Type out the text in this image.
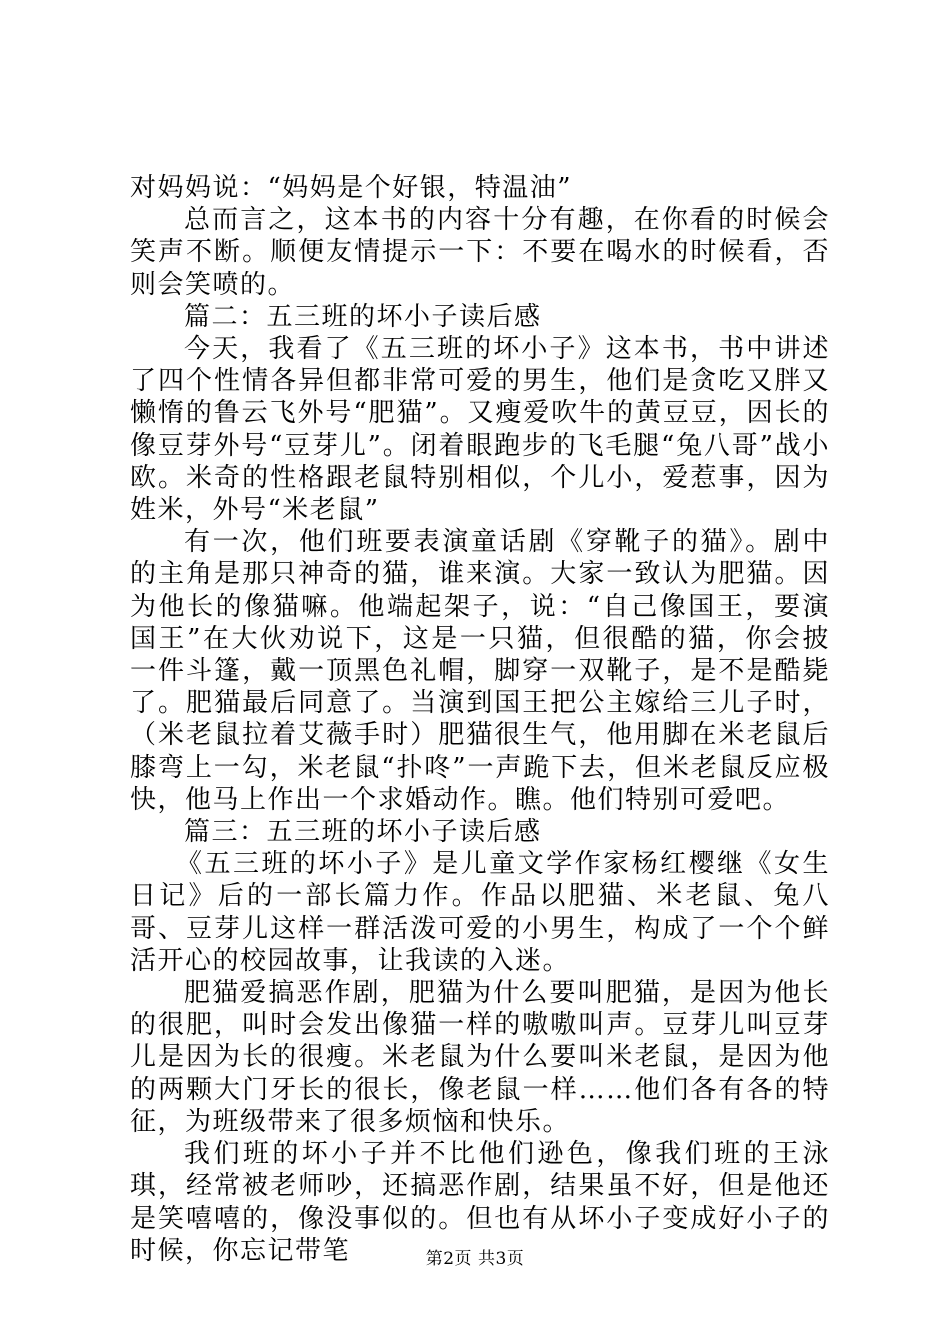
对妈妈说：“妈妈是个好银，特温油”

总而言之，这本书的内容十分有趣，在你看的时候会笑声不断。顺便友情提示一下：不要在喝水的时候看，否则会笑喷的。

篇二：五三班的坏小子读后感

今天，我看了《五三班的坏小子》这本书，书中讲述了四个性情各异但都非常可爱的男生，他们是贪吃又胖又懒惰的鲁云飞外号“肥猫”。又瘦爱吹牛的黄豆豆，因长的像豆芽外号“豆芽儿”。闭着眼跑步的飞毛腿“兔八哥”战小欧。米奇的性格跟老鼠特别相似，个儿小，爱惹事，因为姓米，外号“米老鼠”

有一次，他们班要表演童话剧《穿靴子的猫》。剧中的主角是那只神奇的猫，谁来演。大家一致认为肥猫。因为他长的像猫嘛。他端起架子，说：“自己像国王，要演国王”在大伙劝说下，这是一只猫，但很酷的猫，你会披一件斗篷，戴一顶黑色礼帽，脚穿一双靴子，是不是酷毙了。肥猫最后同意了。当演到国王把公主嫁给三儿子时，（米老鼠拉着艾薇手时）肥猫很生气，他用脚在米老鼠后膝弯上一勾，米老鼠“扑咚”一声跪下去，但米老鼠反应极快，他马上作出一个求婚动作。瞧。他们特别可爱吧。

篇三：五三班的坏小子读后感

《五三班的坏小子》是儿童文学作家杨红樱继《女生日记》后的一部长篇力作。作品以肥猫、米老鼠、兔八哥、豆芽儿这样一群活泼可爱的小男生，构成了一个个鲜活开心的校园故事，让我读的入迷。

肥猫爱搞恶作剧，肥猫为什么要叫肥猫，是因为他长的很肥，叫时会发出像猫一样的嗷嗷叫声。豆芽儿叫豆芽儿是因为长的很瘦。米老鼠为什么要叫米老鼠，是因为他的两颗大门牙长的很长，像老鼠一样……他们各有各的特征，为班级带来了很多烦恼和快乐。

我们班的坏小子并不比他们逊色，像我们班的王泳琪，经常被老师吵，还搞恶作剧，结果虽不好，但是他还是笑嘻嘻的，像没事似的。但也有从坏小子变成好小子的时候，你忘记带笔	第2页 共3页
